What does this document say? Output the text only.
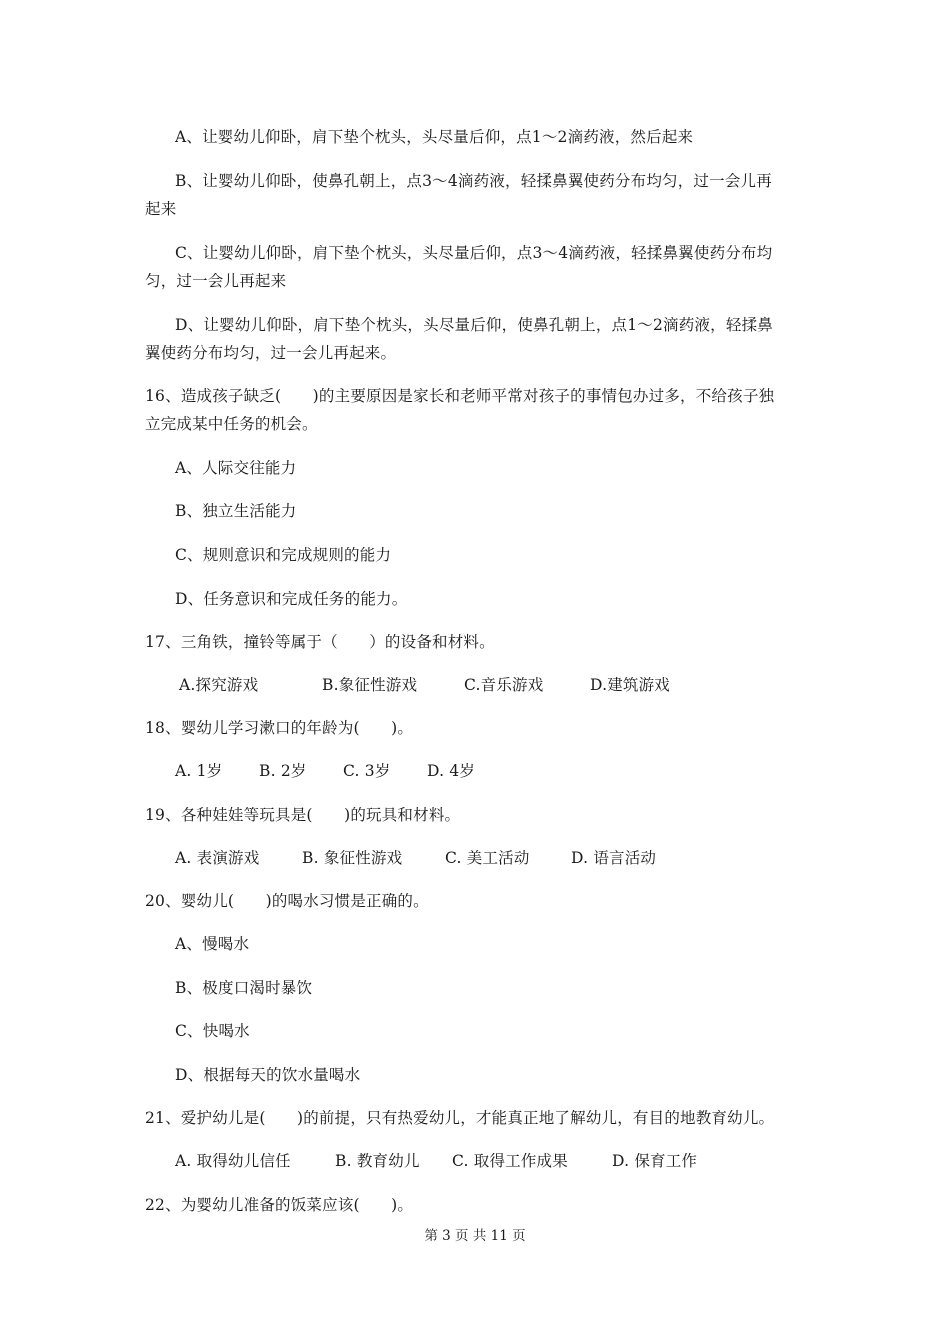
A、让婴幼儿仰卧，肩下垫个枕头，头尽量后仰，点1～2滴药液，然后起来
B、让婴幼儿仰卧，使鼻孔朝上，点3～4滴药液，轻揉鼻翼使药分布均匀，过一会儿再
起来
C、让婴幼儿仰卧，肩下垫个枕头，头尽量后仰，点3～4滴药液，轻揉鼻翼使药分布均
匀，过一会儿再起来
D、让婴幼儿仰卧，肩下垫个枕头，头尽量后仰，使鼻孔朝上，点1～2滴药液，轻揉鼻
翼使药分布均匀，过一会儿再起来。
16、造成孩子缺乏(　　)的主要原因是家长和老师平常对孩子的事情包办过多，不给孩子独
立完成某中任务的机会。
A、人际交往能力
B、独立生活能力
C、规则意识和完成规则的能力
D、任务意识和完成任务的能力。
17、三角铁，撞铃等属于（　　）的设备和材料。
A.探究游戏	B.象征性游戏	C.音乐游戏	D.建筑游戏
18、婴幼儿学习漱口的年龄为(　　)。
A. 1岁	B. 2岁	C. 3岁	D. 4岁
19、各种娃娃等玩具是(　　)的玩具和材料。
A. 表演游戏	B. 象征性游戏	C. 美工活动	D. 语言活动
20、婴幼儿(　　)的喝水习惯是正确的。
A、慢喝水
B、极度口渴时暴饮
C、快喝水
D、根据每天的饮水量喝水
21、爱护幼儿是(　　)的前提，只有热爱幼儿，才能真正地了解幼儿，有目的地教育幼儿。
A. 取得幼儿信任	B. 教育幼儿	C. 取得工作成果	D. 保育工作
22、为婴幼儿准备的饭菜应该(　　)。
第 3 页 共 11 页
